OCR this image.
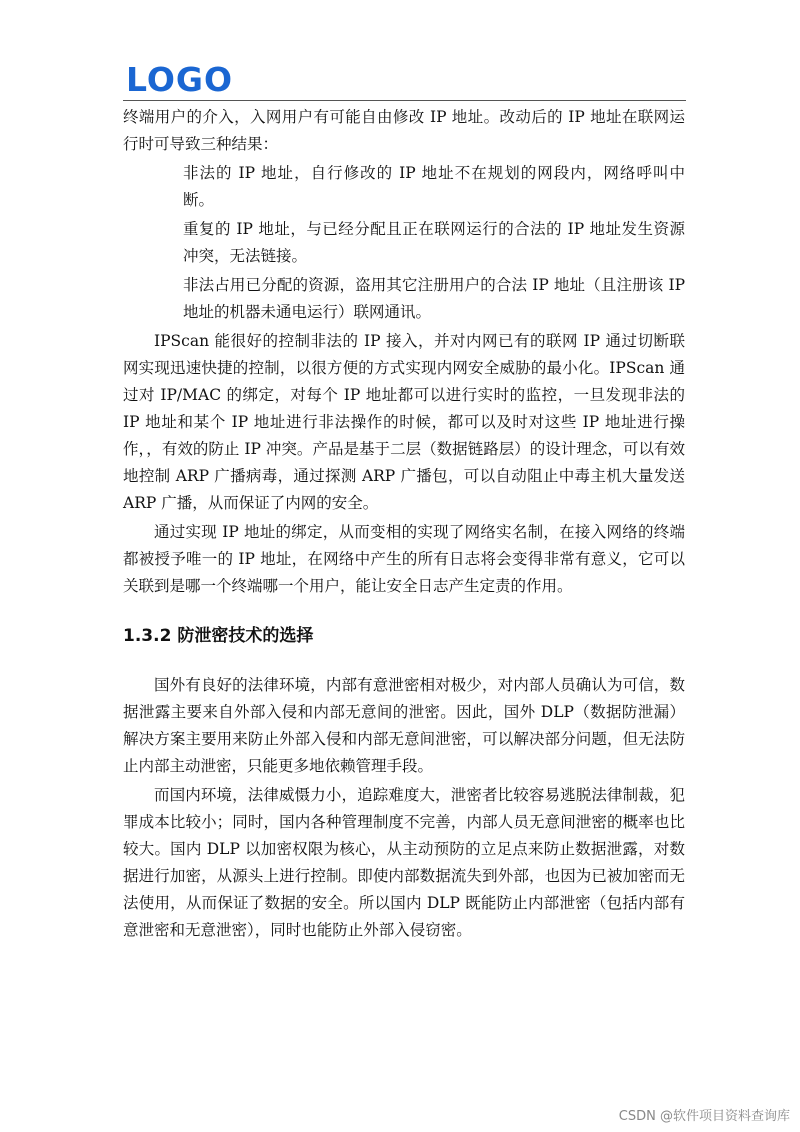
LOGO

终端用户的介入，入网用户有可能自由修改 IP 地址。改动后的 IP 地址在联网运行时可导致三种结果：

非法的 IP 地址，自行修改的 IP 地址不在规划的网段内，网络呼叫中断。

重复的 IP 地址，与已经分配且正在联网运行的合法的 IP 地址发生资源冲突，无法链接。

非法占用已分配的资源，盗用其它注册用户的合法 IP 地址（且注册该 IP 地址的机器未通电运行）联网通讯。

IPScan 能很好的控制非法的 IP 接入，并对内网已有的联网 IP 通过切断联网实现迅速快捷的控制，以很方便的方式实现内网安全威胁的最小化。IPScan 通过对 IP/MAC 的绑定，对每个 IP 地址都可以进行实时的监控，一旦发现非法的 IP 地址和某个 IP 地址进行非法操作的时候，都可以及时对这些 IP 地址进行操作，，有效的防止 IP 冲突。产品是基于二层（数据链路层）的设计理念，可以有效地控制 ARP 广播病毒，通过探测 ARP 广播包，可以自动阻止中毒主机大量发送 ARP 广播，从而保证了内网的安全。

通过实现 IP 地址的绑定，从而变相的实现了网络实名制，在接入网络的终端都被授予唯一的 IP 地址，在网络中产生的所有日志将会变得非常有意义，它可以关联到是哪一个终端哪一个用户，能让安全日志产生定责的作用。

1.3.2 防泄密技术的选择

国外有良好的法律环境，内部有意泄密相对极少，对内部人员确认为可信，数据泄露主要来自外部入侵和内部无意间的泄密。因此，国外 DLP（数据防泄漏）解决方案主要用来防止外部入侵和内部无意间泄密，可以解决部分问题，但无法防止内部主动泄密，只能更多地依赖管理手段。

而国内环境，法律威慑力小，追踪难度大，泄密者比较容易逃脱法律制裁，犯罪成本比较小；同时，国内各种管理制度不完善，内部人员无意间泄密的概率也比较大。国内 DLP 以加密权限为核心，从主动预防的立足点来防止数据泄露，对数据进行加密，从源头上进行控制。即使内部数据流失到外部，也因为已被加密而无法使用，从而保证了数据的安全。所以国内 DLP 既能防止内部泄密（包括内部有意泄密和无意泄密），同时也能防止外部入侵窃密。

CSDN @软件项目资料查询库
